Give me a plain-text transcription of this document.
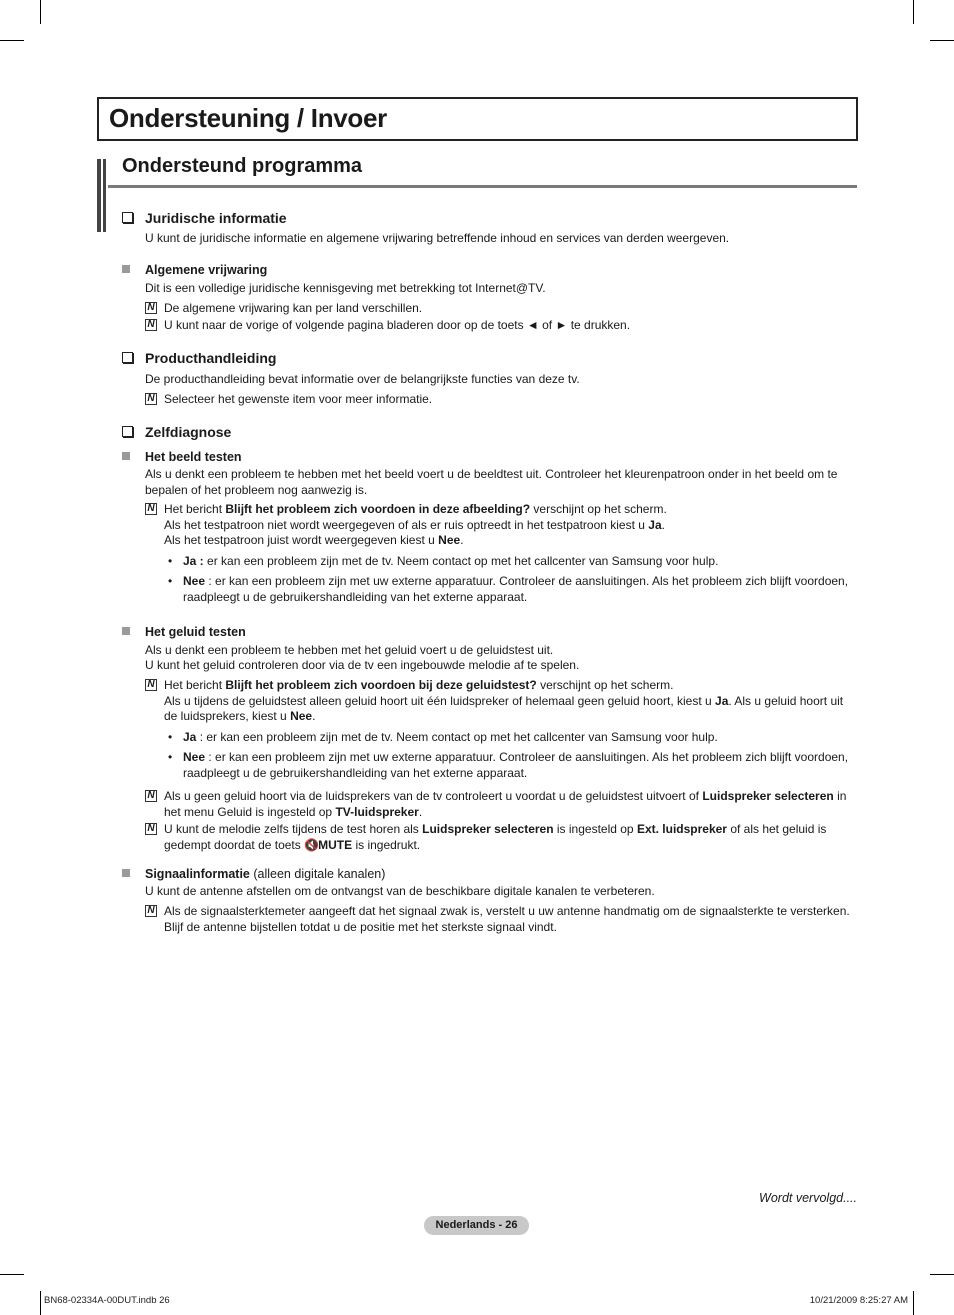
Ondersteuning / Invoer
Ondersteund programma
Juridische informatie
U kunt de juridische informatie en algemene vrijwaring betreffende inhoud en services van derden weergeven.
Algemene vrijwaring
Dit is een volledige juridische kennisgeving met betrekking tot Internet@TV.
N De algemene vrijwaring kan per land verschillen.
N U kunt naar de vorige of volgende pagina bladeren door op de toets ◄ of ► te drukken.
Producthandleiding
De producthandleiding bevat informatie over de belangrijkste functies van deze tv.
N Selecteer het gewenste item voor meer informatie.
Zelfdiagnose
Het beeld testen
Als u denkt een probleem te hebben met het beeld voert u de beeldtest uit. Controleer het kleurenpatroon onder in het beeld om te bepalen of het probleem nog aanwezig is.
N Het bericht Blijft het probleem zich voordoen in deze afbeelding? verschijnt op het scherm.
Als het testpatroon niet wordt weergegeven of als er ruis optreedt in het testpatroon kiest u Ja.
Als het testpatroon juist wordt weergegeven kiest u Nee.
• Ja : er kan een probleem zijn met de tv. Neem contact op met het callcenter van Samsung voor hulp.
• Nee : er kan een probleem zijn met uw externe apparatuur. Controleer de aansluitingen. Als het probleem zich blijft voordoen, raadpleegt u de gebruikershandleiding van het externe apparaat.
Het geluid testen
Als u denkt een probleem te hebben met het geluid voert u de geluidstest uit.
U kunt het geluid controleren door via de tv een ingebouwde melodie af te spelen.
N Het bericht Blijft het probleem zich voordoen bij deze geluidstest? verschijnt op het scherm.
Als u tijdens de geluidstest alleen geluid hoort uit één luidspreker of helemaal geen geluid hoort, kiest u Ja. Als u geluid hoort uit de luidsprekers, kiest u Nee.
• Ja : er kan een probleem zijn met de tv. Neem contact op met het callcenter van Samsung voor hulp.
• Nee : er kan een probleem zijn met uw externe apparatuur. Controleer de aansluitingen. Als het probleem zich blijft voordoen, raadpleegt u de gebruikershandleiding van het externe apparaat.
N Als u geen geluid hoort via de luidsprekers van de tv controleert u voordat u de geluidstest uitvoert of Luidspreker selecteren in het menu Geluid is ingesteld op TV-luidspreker.
N U kunt de melodie zelfs tijdens de test horen als Luidspreker selecteren is ingesteld op Ext. luidspreker of als het geluid is gedempt doordat de toets 🔇MUTE is ingedrukt.
Signaalinformatie (alleen digitale kanalen)
U kunt de antenne afstellen om de ontvangst van de beschikbare digitale kanalen te verbeteren.
N Als de signaalsterktemeter aangeeft dat het signaal zwak is, verstelt u uw antenne handmatig om de signaalsterkte te versterken. Blijf de antenne bijstellen totdat u de positie met het sterkste signaal vindt.
Wordt vervolgd....
Nederlands - 26
BN68-02334A-00DUT.indb 26	10/21/2009 8:25:27 AM
